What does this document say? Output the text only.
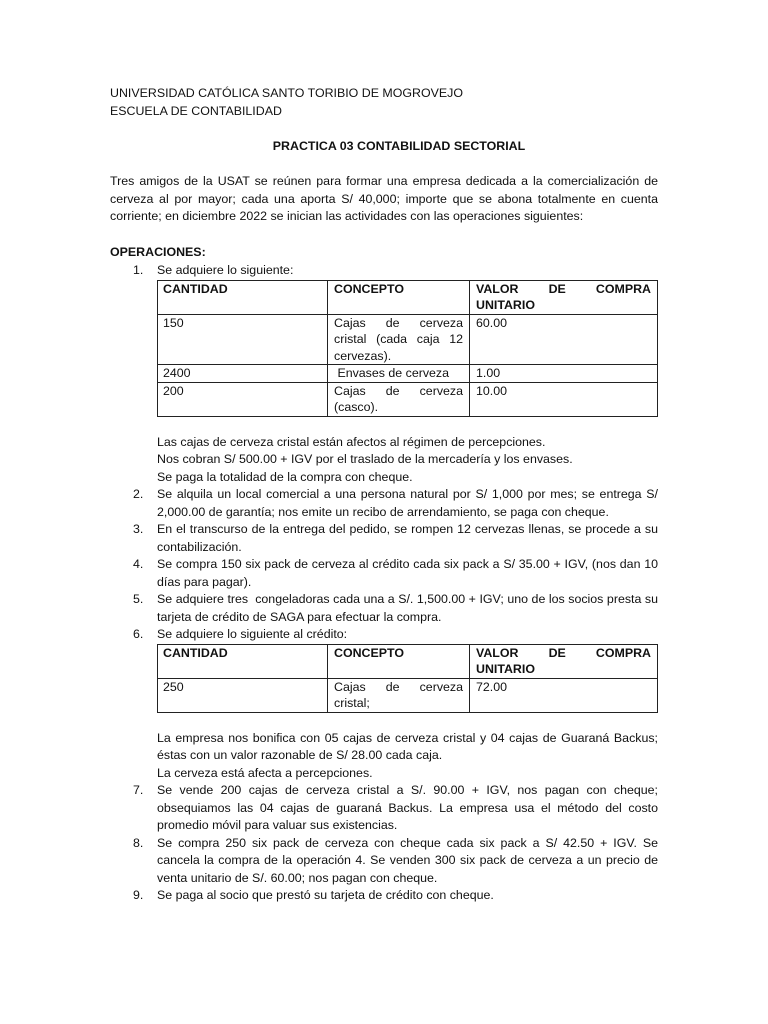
UNIVERSIDAD CATÓLICA SANTO TORIBIO DE MOGROVEJO
ESCUELA DE CONTABILIDAD
PRACTICA 03 CONTABILIDAD SECTORIAL
Tres amigos de la USAT se reúnen para formar una empresa dedicada a la comercialización de cerveza al por mayor; cada una aporta S/ 40,000; importe que se abona totalmente en cuenta corriente; en diciembre 2022 se inician las actividades con las operaciones siguientes:
OPERACIONES:
1. Se adquiere lo siguiente:
CANTIDAD	CONCEPTO	VALOR DE COMPRA UNITARIO
150	Cajas de cerveza cristal (cada caja 12 cervezas).	60.00
2400	Envases de cerveza	1.00
200	Cajas de cerveza (casco).	10.00
Las cajas de cerveza cristal están afectos al régimen de percepciones.
Nos cobran S/ 500.00 + IGV por el traslado de la mercadería y los envases.
Se paga la totalidad de la compra con cheque.
2. Se alquila un local comercial a una persona natural por S/ 1,000 por mes; se entrega S/ 2,000.00 de garantía; nos emite un recibo de arrendamiento, se paga con cheque.
3. En el transcurso de la entrega del pedido, se rompen 12 cervezas llenas, se procede a su contabilización.
4. Se compra 150 six pack de cerveza al crédito cada six pack a S/ 35.00 + IGV, (nos dan 10 días para pagar).
5. Se adquiere tres  congeladoras cada una a S/. 1,500.00 + IGV; uno de los socios presta su tarjeta de crédito de SAGA para efectuar la compra.
6. Se adquiere lo siguiente al crédito:
CANTIDAD	CONCEPTO	VALOR DE COMPRA UNITARIO
250	Cajas de cerveza cristal;	72.00
La empresa nos bonifica con 05 cajas de cerveza cristal y 04 cajas de Guaraná Backus; éstas con un valor razonable de S/ 28.00 cada caja.
La cerveza está afecta a percepciones.
7. Se vende 200 cajas de cerveza cristal a S/. 90.00 + IGV, nos pagan con cheque; obsequiamos las 04 cajas de guaraná Backus. La empresa usa el método del costo promedio móvil para valuar sus existencias.
8. Se compra 250 six pack de cerveza con cheque cada six pack a S/ 42.50 + IGV. Se cancela la compra de la operación 4. Se venden 300 six pack de cerveza a un precio de venta unitario de S/. 60.00; nos pagan con cheque.
9. Se paga al socio que prestó su tarjeta de crédito con cheque.
